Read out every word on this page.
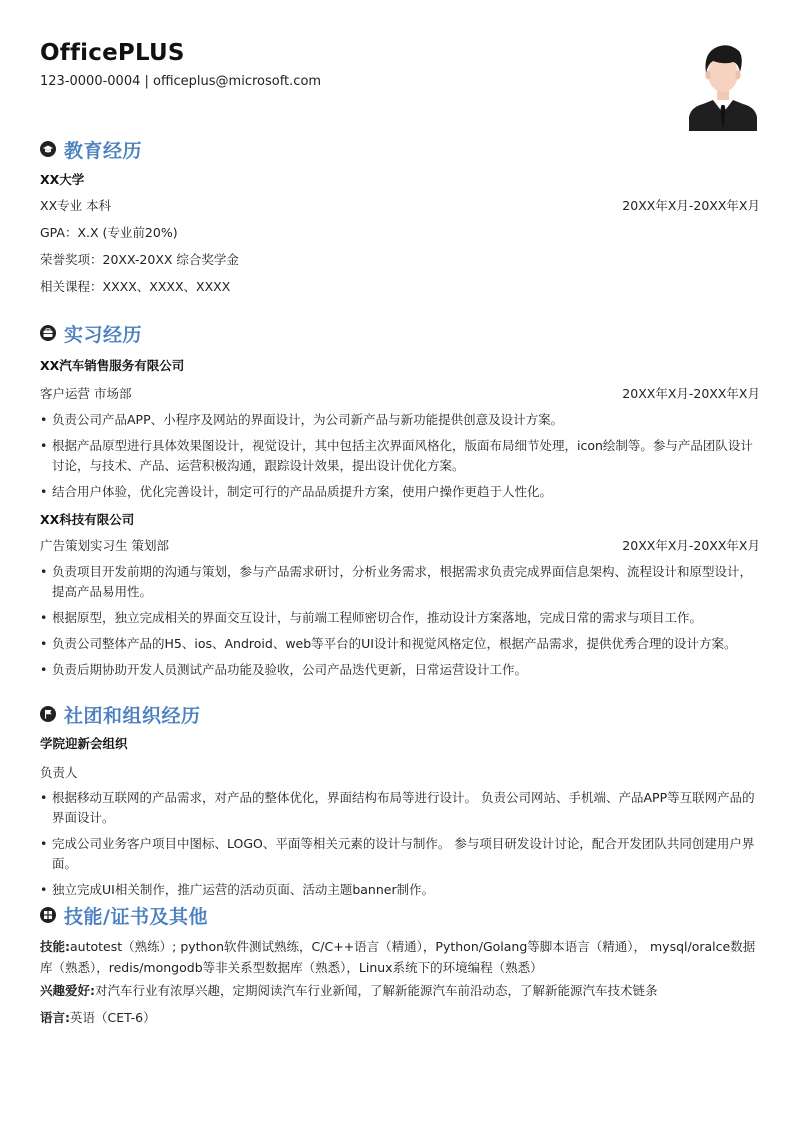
OfficePLUS
123-0000-0004 | officeplus@microsoft.com
教育经历
XX大学
XX专业 本科	20XX年X月-20XX年X月
GPA：X.X (专业前20%)
荣誉奖项：20XX-20XX 综合奖学金
相关课程：XXXX、XXXX、XXXX
实习经历
XX汽车销售服务有限公司
客户运营 市场部	20XX年X月-20XX年X月
• 负责公司产品APP、小程序及网站的界面设计，为公司新产品与新功能提供创意及设计方案。
• 根据产品原型进行具体效果图设计，视觉设计，其中包括主次界面风格化，版面布局细节处理，icon绘制等。参与产品团队设计讨论，与技术、产品、运营积极沟通，跟踪设计效果，提出设计优化方案。
• 结合用户体验，优化完善设计，制定可行的产品品质提升方案，使用户操作更趋于人性化。
XX科技有限公司
广告策划实习生 策划部	20XX年X月-20XX年X月
• 负责项目开发前期的沟通与策划，参与产品需求研讨，分析业务需求，根据需求负责完成界面信息架构、流程设计和原型设计，提高产品易用性。
• 根据原型，独立完成相关的界面交互设计，与前端工程师密切合作，推动设计方案落地，完成日常的需求与项目工作。
• 负责公司整体产品的H5、ios、Android、web等平台的UI设计和视觉风格定位，根据产品需求，提供优秀合理的设计方案。
• 负责后期协助开发人员测试产品功能及验收，公司产品迭代更新，日常运营设计工作。
社团和组织经历
学院迎新会组织
负责人
• 根据移动互联网的产品需求，对产品的整体优化，界面结构布局等进行设计。 负责公司网站、手机端、产品APP等互联网产品的界面设计。
• 完成公司业务客户项目中图标、LOGO、平面等相关元素的设计与制作。 参与项目研发设计讨论，配合开发团队共同创建用户界面。
• 独立完成UI相关制作，推广运营的活动页面、活动主题banner制作。
技能/证书及其他
技能:autotest（熟练）; python软件测试熟练，C/C++语言（精通），Python/Golang等脚本语言（精通）， mysql/oralce数据库（熟悉），redis/mongodb等非关系型数据库（熟悉），Linux系统下的环境编程（熟悉）
兴趣爱好:对汽车行业有浓厚兴趣，定期阅读汽车行业新闻，了解新能源汽车前沿动态，了解新能源汽车技术链条
语言:英语（CET-6）
